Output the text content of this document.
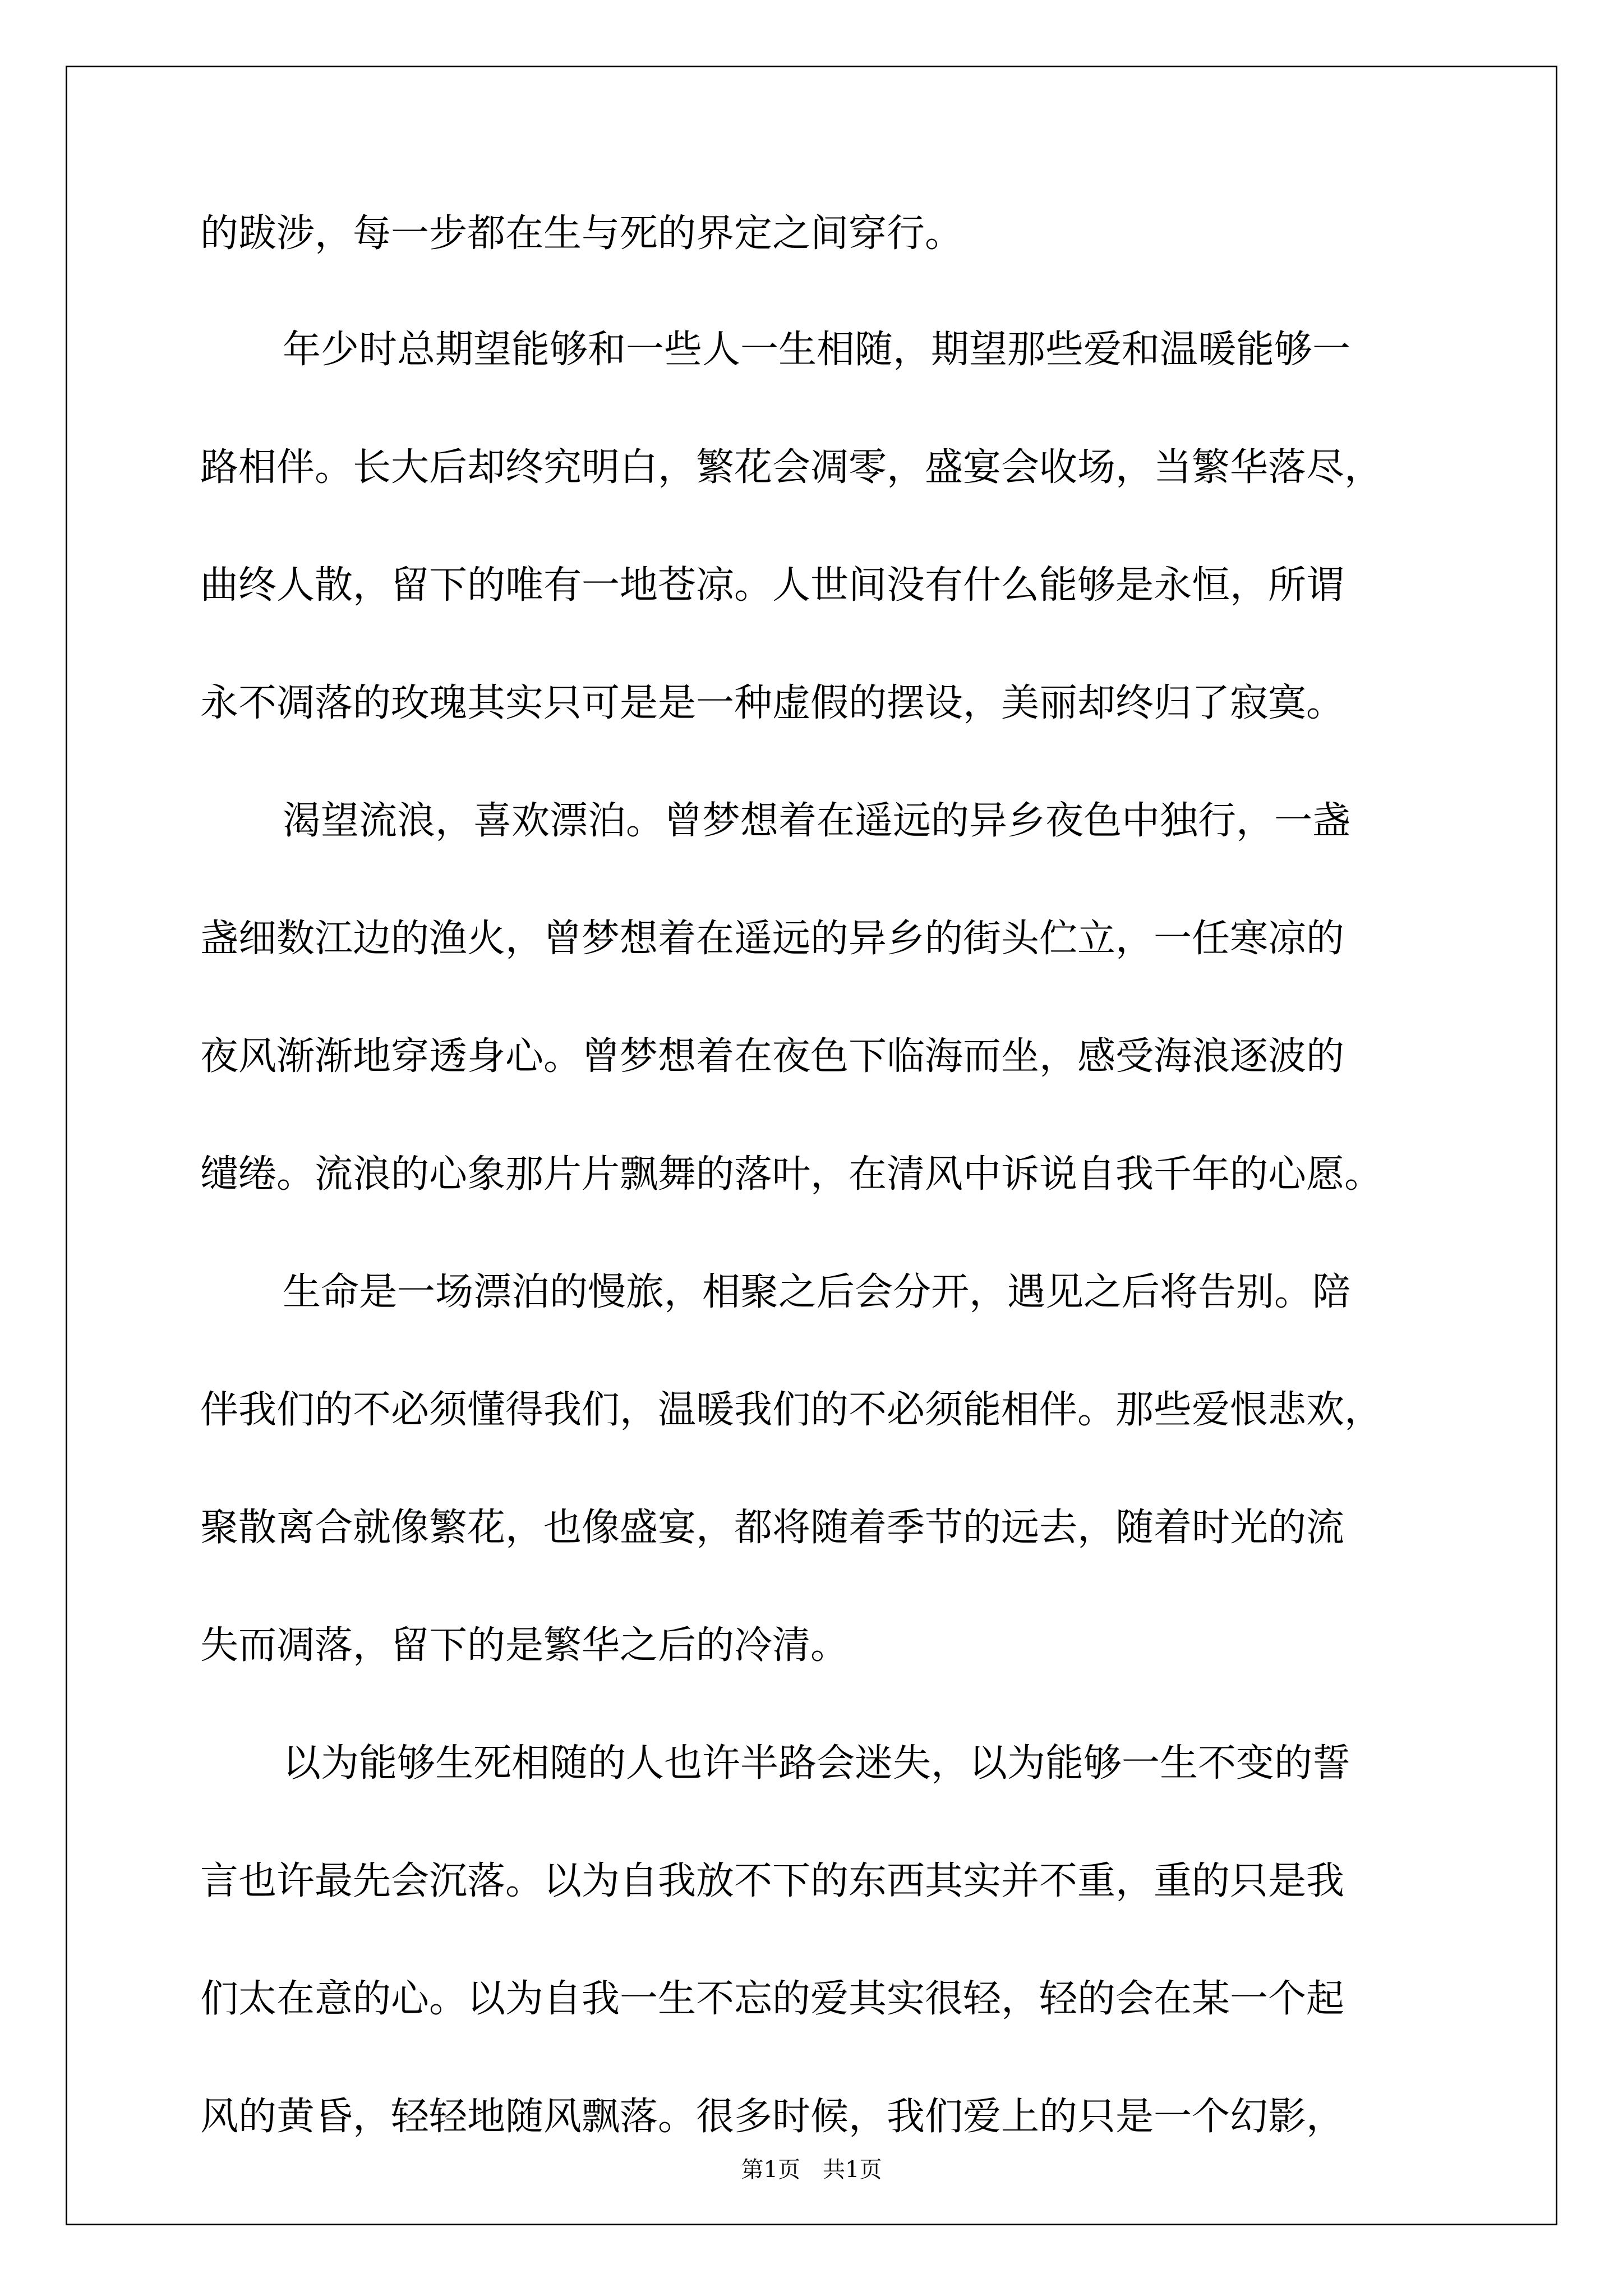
的跋涉，每一步都在生与死的界定之间穿行。
年少时总期望能够和一些人一生相随，期望那些爱和温暖能够一
路相伴。长大后却终究明白，繁花会凋零，盛宴会收场，当繁华落尽，
曲终人散，留下的唯有一地苍凉。人世间没有什么能够是永恒，所谓
永不凋落的玫瑰其实只可是是一种虚假的摆设，美丽却终归了寂寞。
渴望流浪，喜欢漂泊。曾梦想着在遥远的异乡夜色中独行，一盏
盏细数江边的渔火，曾梦想着在遥远的异乡的街头伫立，一任寒凉的
夜风渐渐地穿透身心。曾梦想着在夜色下临海而坐，感受海浪逐波的
缱绻。流浪的心象那片片飘舞的落叶，在清风中诉说自我千年的心愿。
生命是一场漂泊的慢旅，相聚之后会分开，遇见之后将告别。陪
伴我们的不必须懂得我们，温暖我们的不必须能相伴。那些爱恨悲欢，
聚散离合就像繁花，也像盛宴，都将随着季节的远去，随着时光的流
失而凋落，留下的是繁华之后的冷清。
以为能够生死相随的人也许半路会迷失，以为能够一生不变的誓
言也许最先会沉落。以为自我放不下的东西其实并不重，重的只是我
们太在意的心。以为自我一生不忘的爱其实很轻，轻的会在某一个起
风的黄昏，轻轻地随风飘落。很多时候，我们爱上的只是一个幻影，
第1页　共1页
